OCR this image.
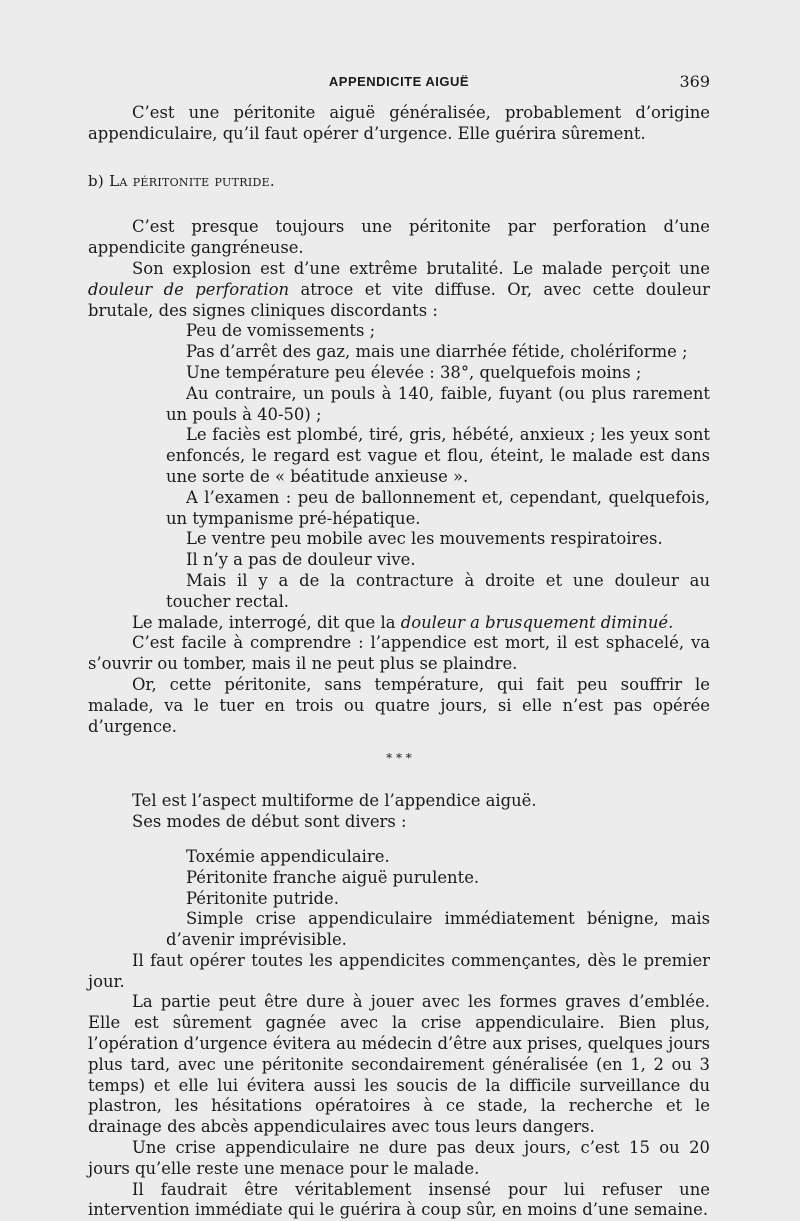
APPENDICITE AIGUË	369

C’est une péritonite aiguë généralisée, probablement d’origine appendiculaire, qu’il faut opérer d’urgence. Elle guérira sûrement.

b) La péritonite putride.

C’est presque toujours une péritonite par perforation d’une appendicite gangréneuse.

Son explosion est d’une extrême brutalité. Le malade perçoit une douleur de perforation atroce et vite diffuse. Or, avec cette douleur brutale, des signes cliniques discordants :

Peu de vomissements ;

Pas d’arrêt des gaz, mais une diarrhée fétide, cholériforme ;

Une température peu élevée : 38°, quelquefois moins ;

Au contraire, un pouls à 140, faible, fuyant (ou plus rarement un pouls à 40-50) ;

Le faciès est plombé, tiré, gris, hébété, anxieux ; les yeux sont enfoncés, le regard est vague et flou, éteint, le malade est dans une sorte de « béatitude anxieuse ».

A l’examen : peu de ballonnement et, cependant, quelquefois, un tympanisme pré-hépatique.

Le ventre peu mobile avec les mouvements respiratoires.

Il n’y a pas de douleur vive.

Mais il y a de la contracture à droite et une douleur au toucher rectal.

Le malade, interrogé, dit que la douleur a brusquement diminué.

C’est facile à comprendre : l’appendice est mort, il est sphacelé, va s’ouvrir ou tomber, mais il ne peut plus se plaindre.

Or, cette péritonite, sans température, qui fait peu souffrir le malade, va le tuer en trois ou quatre jours, si elle n’est pas opérée d’urgence.

* * *

Tel est l’aspect multiforme de l’appendice aiguë.

Ses modes de début sont divers :

Toxémie appendiculaire.

Péritonite franche aiguë purulente.

Péritonite putride.

Simple crise appendiculaire immédiatement bénigne, mais d’avenir imprévisible.

Il faut opérer toutes les appendicites commençantes, dès le premier jour.

La partie peut être dure à jouer avec les formes graves d’emblée. Elle est sûrement gagnée avec la crise appendiculaire. Bien plus, l’opération d’urgence évitera au médecin d’être aux prises, quelques jours plus tard, avec une péritonite secondairement généralisée (en 1, 2 ou 3 temps) et elle lui évitera aussi les soucis de la difficile surveillance du plastron, les hésitations opératoires à ce stade, la recherche et le drainage des abcès appendiculaires avec tous leurs dangers.

Une crise appendiculaire ne dure pas deux jours, c’est 15 ou 20 jours qu’elle reste une menace pour le malade.

Il faudrait être véritablement insensé pour lui refuser une intervention immédiate qui le guérira à coup sûr, en moins d’une semaine.
